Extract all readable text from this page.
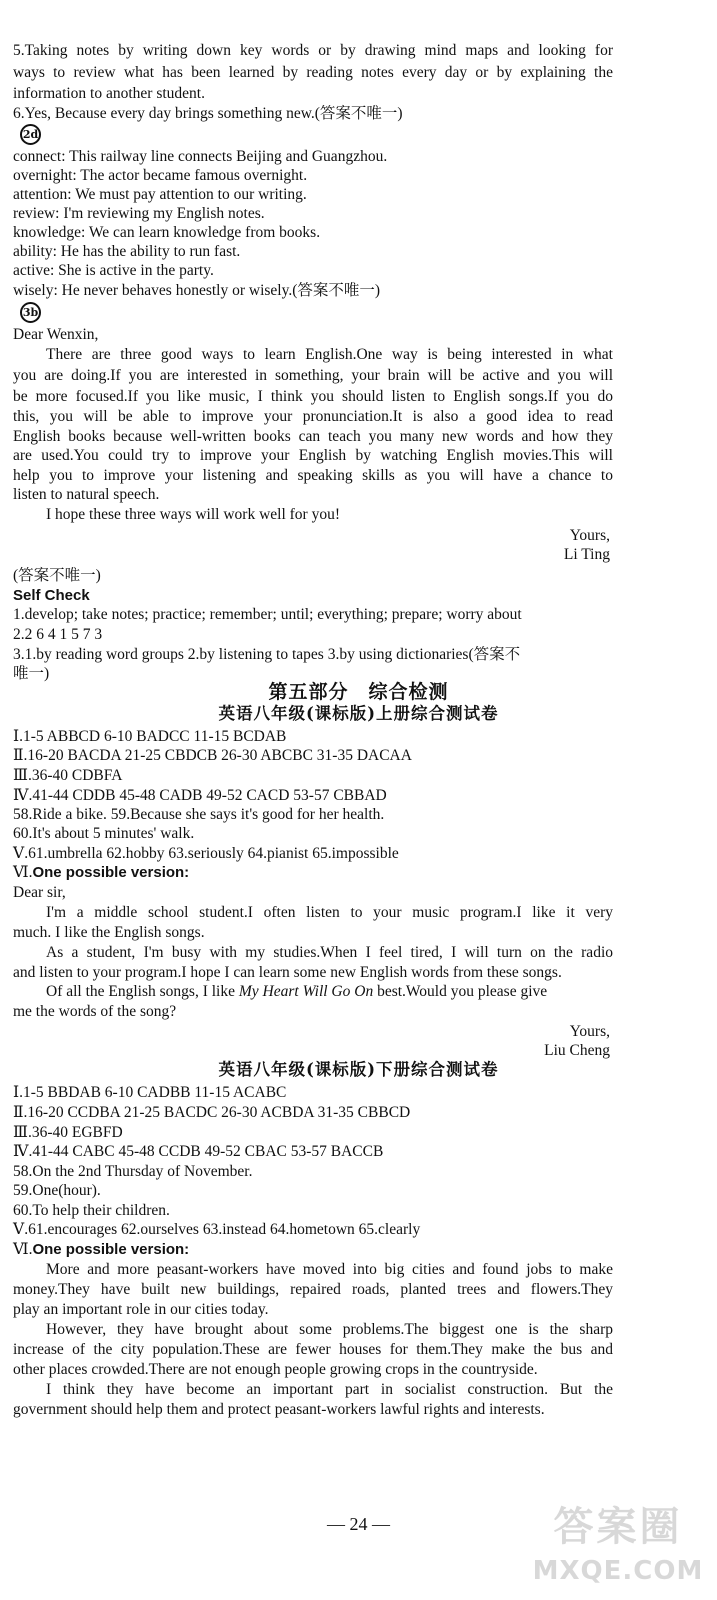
5.Taking notes by writing down key words or by drawing mind maps and looking for
ways to review what has been learned by reading notes every day or by explaining the
information to another student.
6.Yes, Because every day brings something new.(答案不唯一)
2d
connect: This railway line connects Beijing and Guangzhou.
overnight: The actor became famous overnight.
attention: We must pay attention to our writing.
review: I'm reviewing my English notes.
knowledge: We can learn knowledge from books.
ability: He has the ability to run fast.
active: She is active in the party.
wisely: He never behaves honestly or wisely.(答案不唯一)
3b
Dear Wenxin,
There are three good ways to learn English.One way is being interested in what
you are doing.If you are interested in something, your brain will be active and you will
be more focused.If you like music, I think you should listen to English songs.If you do
this, you will be able to improve your pronunciation.It is also a good idea to read
English books because well-written books can teach you many new words and how they
are used.You could try to improve your English by watching English movies.This will
help you to improve your listening and speaking skills as you will have a chance to
listen to natural speech.
I hope these three ways will work well for you!
Yours,
Li Ting
(答案不唯一)
Self Check
1.develop; take notes; practice; remember; until; everything; prepare; worry about
2.2 6 4 1 5 7 3
3.1.by reading word groups 2.by listening to tapes 3.by using dictionaries(答案不
唯一)
第五部分　综合检测
英语八年级(课标版)上册综合测试卷
Ⅰ.1-5 ABBCD 6-10 BADCC 11-15 BCDAB
Ⅱ.16-20 BACDA 21-25 CBDCB 26-30 ABCBC 31-35 DACAA
Ⅲ.36-40 CDBFA
Ⅳ.41-44 CDDB 45-48 CADB 49-52 CACD 53-57 CBBAD
58.Ride a bike. 59.Because she says it's good for her health.
60.It's about 5 minutes' walk.
Ⅴ.61.umbrella 62.hobby 63.seriously 64.pianist 65.impossible
Ⅵ.One possible version:
Dear sir,
I'm a middle school student.I often listen to your music program.I like it very
much. I like the English songs.
As a student, I'm busy with my studies.When I feel tired, I will turn on the radio
and listen to your program.I hope I can learn some new English words from these songs.
Of all the English songs, I like My Heart Will Go On best.Would you please give
me the words of the song?
Yours,
Liu Cheng
英语八年级(课标版)下册综合测试卷
Ⅰ.1-5 BBDAB 6-10 CADBB 11-15 ACABC
Ⅱ.16-20 CCDBA 21-25 BACDC 26-30 ACBDA 31-35 CBBCD
Ⅲ.36-40 EGBFD
Ⅳ.41-44 CABC 45-48 CCDB 49-52 CBAC 53-57 BACCB
58.On the 2nd Thursday of November.
59.One(hour).
60.To help their children.
Ⅴ.61.encourages 62.ourselves 63.instead 64.hometown 65.clearly
Ⅵ.One possible version:
More and more peasant-workers have moved into big cities and found jobs to make
money.They have built new buildings, repaired roads, planted trees and flowers.They
play an important role in our cities today.
However, they have brought about some problems.The biggest one is the sharp
increase of the city population.These are fewer houses for them.They make the bus and
other places crowded.There are not enough people growing crops in the countryside.
I think they have become an important part in socialist construction. But the
government should help them and protect peasant-workers lawful rights and interests.
— 24 —	答案圈
MXQE.COM
